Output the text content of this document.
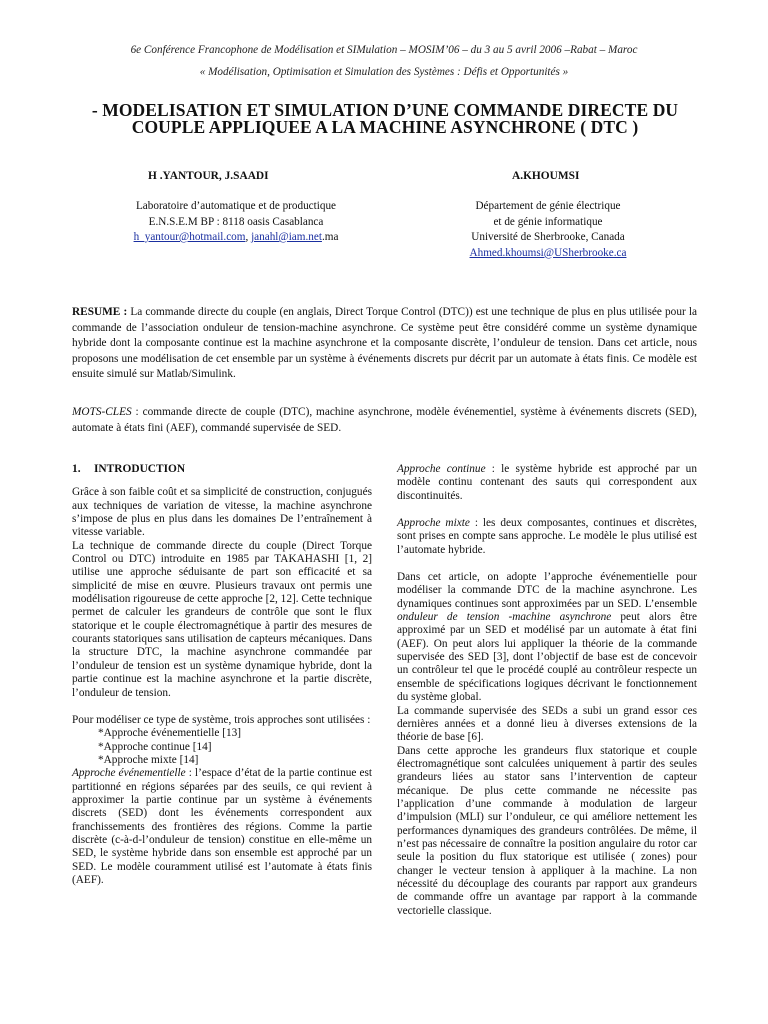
6e Conférence Francophone de Modélisation et SIMulation – MOSIM’06 – du 3 au 5 avril 2006 –Rabat – Maroc
« Modélisation, Optimisation et Simulation des Systèmes : Défis et Opportunités »
- MODELISATION ET SIMULATION D’UNE COMMANDE DIRECTE DU
COUPLE APPLIQUEE A LA MACHINE ASYNCHRONE ( DTC )
H .YANTOUR, J.SAADI	A.KHOUMSI
Laboratoire d’automatique et de productique
E.N.S.E.M BP : 8118 oasis Casablanca
h_yantour@hotmail.com, janahl@iam.net.ma
Département de génie électrique
et de génie informatique
Université de Sherbrooke, Canada
Ahmed.khoumsi@USherbrooke.ca
RESUME : La commande directe du couple (en anglais, Direct Torque Control (DTC)) est une technique de plus en plus utilisée pour la commande de l’association onduleur de tension-machine asynchrone. Ce système peut être considéré comme un système dynamique hybride dont la composante continue est la machine asynchrone et la composante discrète, l’onduleur de tension. Dans cet article, nous proposons une modélisation de cet ensemble par un système à événements discrets pur décrit par un automate à états finis. Ce modèle est ensuite simulé sur Matlab/Simulink.
MOTS-CLES : commande directe de couple (DTC), machine asynchrone, modèle événementiel, système à événements discrets (SED), automate à états fini (AEF), commandé supervisée de SED.
1. INTRODUCTION

Grâce à son faible coût et sa simplicité de construction, conjugués aux techniques de variation de vitesse, la machine asynchrone s’impose de plus en plus dans les domaines De l’entraînement à vitesse variable.

La technique de commande directe du couple (Direct Torque Control ou DTC) introduite en 1985 par TAKAHASHI [1, 2] utilise une approche séduisante de part son efficacité et sa simplicité de mise en œuvre. Plusieurs travaux ont permis une modélisation rigoureuse de cette approche [2, 12]. Cette technique permet de calculer les grandeurs de contrôle que sont le flux statorique et le couple électromagnétique à partir des mesures de courants statoriques sans utilisation de capteurs mécaniques. Dans la structure DTC, la machine asynchrone commandée par l’onduleur de tension est un système dynamique hybride, dont la partie continue est la machine asynchrone et la partie discrète, l’onduleur de tension.

Pour modéliser ce type de système, trois approches sont utilisées :

*Approche événementielle [13]
*Approche continue [14]
*Approche mixte [14]

Approche événementielle : l’espace d’état de la partie continue est partitionné en régions séparées par des seuils, ce qui revient à approximer la partie continue par un système à événements discrets (SED) dont les événements correspondent aux franchissements des frontières des régions. Comme la partie discrète (c-à-d-l’onduleur de tension) constitue en elle-même un SED, le système hybride dans son ensemble est approché par un SED. Le modèle couramment utilisé est l’automate à états finis (AEF).

Approche continue : le système hybride est approché par un modèle continu contenant des sauts qui correspondent aux discontinuités.

Approche mixte : les deux composantes, continues et discrètes, sont prises en compte sans approche. Le modèle le plus utilisé est l’automate hybride.

Dans cet article, on adopte l’approche événementielle pour modéliser la commande DTC de la machine asynchrone. Les dynamiques continues sont approximées par un SED. L’ensemble onduleur de tension -machine asynchrone peut alors être approximé par un SED et modélisé par un automate à état fini (AEF). On peut alors lui appliquer la théorie de la commande supervisée des SED [3], dont l’objectif de base est de concevoir un contrôleur tel que le procédé couplé au contrôleur respecte un ensemble de spécifications logiques décrivant le fonctionnement du système global.

La commande supervisée des SEDs a subi un grand essor ces dernières années et a donné lieu à diverses extensions de la théorie de base [6].

Dans cette approche les grandeurs flux statorique et couple électromagnétique sont calculées uniquement à partir des seules grandeurs liées au stator sans l’intervention de capteur mécanique. De plus cette commande ne nécessite pas l’application d’une commande à modulation de largeur d’impulsion (MLI) sur l’onduleur, ce qui améliore nettement les performances dynamiques des grandeurs contrôlées. De même, il n’est pas nécessaire de connaître la position angulaire du rotor car seule la position du flux statorique est utilisée ( zones) pour changer le vecteur tension à appliquer à la machine. La non nécessité du découplage des courants par rapport aux grandeurs de commande offre un avantage par rapport à la commande vectorielle classique.
